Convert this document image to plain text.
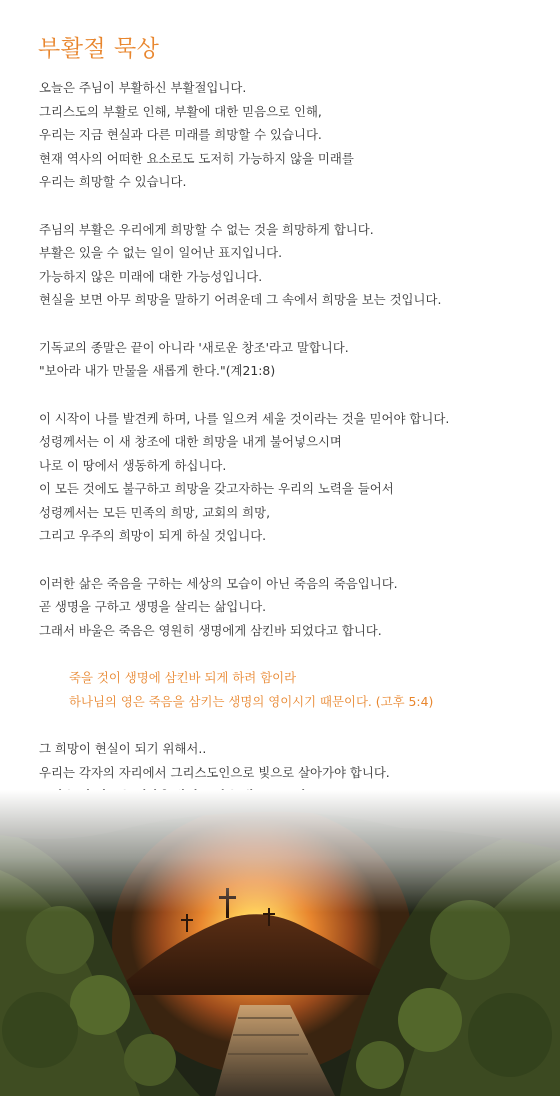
부활절 묵상
오늘은 주님이 부활하신 부활절입니다.
그리스도의 부활로 인해, 부활에 대한 믿음으로 인해,
우리는 지금 현실과 다른 미래를 희망할 수 있습니다.
현재 역사의 어떠한 요소로도 도저히 가능하지 않을 미래를
우리는 희망할 수 있습니다.
주님의 부활은 우리에게 희망할 수 없는 것을 희망하게 합니다.
부활은 있을 수 없는 일이 일어난 표지입니다.
가능하지 않은 미래에 대한 가능성입니다.
현실을 보면 아무 희망을 말하기 어려운데 그 속에서 희망을 보는 것입니다.
기독교의 종말은 끝이 아니라 '새로운 창조'라고 말합니다.
"보아라 내가 만물을 새롭게 한다."(계21:8)
이 시작이 나를 발견케 하며, 나를 일으켜 세울 것이라는 것을 믿어야 합니다.
성령께서는 이 새 창조에 대한 희망을 내게 불어넣으시며
나로 이 땅에서 생동하게 하십니다.
이 모든 것에도 불구하고 희망을 갖고자하는 우리의 노력을 들어서
성령께서는 모든 민족의 희망, 교회의 희망,
그리고 우주의 희망이 되게 하실 것입니다.
이러한 삶은 죽음을 구하는 세상의 모습이 아닌 죽음의 죽음입니다.
곧 생명을 구하고 생명을 살리는 삶입니다.
그래서 바울은 죽음은 영원히 생명에게 삼킨바 되었다고 합니다.
죽을 것이 생명에 삼킨바 되게 하려 함이라
하나님의 영은 죽음을 삼키는 생명의 영이시기 때문이다. (고후 5:4)
그 희망이 현실이 되기 위해서..
우리는 각자의 자리에서 그리스도인으로 빛으로 살아가야 합니다.
